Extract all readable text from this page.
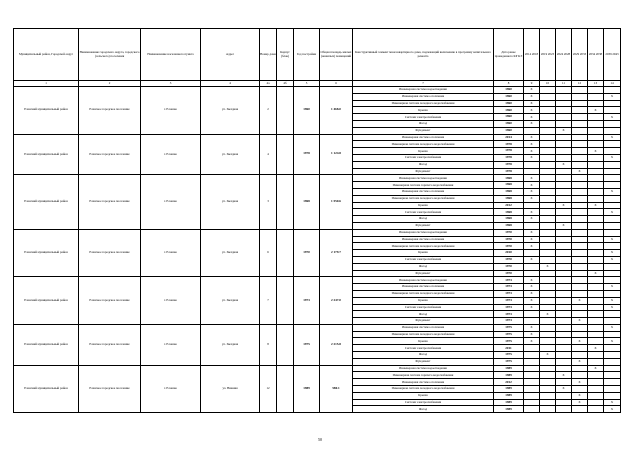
Муниципальный район, Городской округ	Наименование городского округа, городского (сельского) поселения	Наименование населенного пункта	Адрес	Номер дома	Корпус (блок)	Год постройки	Общая площадь жилых (нежилых) помещений	Конструктивный элемент многоквартирного дома, подлежащий включению в программу капитального ремонта	Дата ранее проведенного КР КЭ	2014 2018	2019 2023	2024 2028	2029 2033	2034 2038	2039 2043
1	2	3	4	4а	4б	5	6	7	8	9	10	11	12	13	14
Еланский муниципальный район	Еланское городское поселение	г. Елошно	ул. Звездная	2		1960	1 468.0	Инженерная система водоотведения	1960	X					
								Инженерная система отопления	1960	X					X
								Инженерная система холодного водоснабжения	1960	X					
								Крыша	1960	X				X	
								Система электроснабжения	1960	X					X
								Фасад	1960	X					
								Фундамент	1960			X			
Еланский муниципальный район	Еланское городское поселение	г. Елошно	ул. Звездная	4		1978	1 124.8	Инженерная система отопления	2014	X					X
								Инженерная система холодного водоснабжения	1978	X					
								Крыша	1978	X				X	
								Система электроснабжения	1978	X					X
								Фасад	1978			X			
								Фундамент	1978				X		
Еланский муниципальный район	Еланское городское поселение	г. Елошно	ул. Звездная	3		1968	1 550.6	Инженерная система водоотведения	1968	X					
								Инженерная система горячего водоснабжения	1968	X					
								Инженерная система отопления	1968	X					X
								Инженерная система холодного водоснабжения	1968	X					
								Крыша	2012			X		X	
								Система электроснабжения	1968	X					X
								Фасад	1968	X					
								Фундамент	1968			X			
Еланский муниципальный район	Еланское городское поселение	г. Елошно	ул. Звездная	6		1970	2 179.7	Инженерная система водоотведения	1970	X					
								Инженерная система отопления	1970	X					X
								Инженерная система холодного водоснабжения	1970	X					
								Крыша	2010						X
								Система электроснабжения	1970	X					X
								Фасад	1970		X				
								Фундамент	1970					X	
Еланский муниципальный район	Еланское городское поселение	г. Елошно	ул. Звездная	7		1973	2 247.0	Инженерная система водоотведения	1973	X					
								Инженерная система отопления	1973	X					X
								Инженерная система холодного водоснабжения	1973	X					
								Крыша	1973	X			X		X
								Система электроснабжения	1973	X					X
								Фасад	1973		X				
								Фундамент	1973				X		
Еланский муниципальный район	Еланское городское поселение	г. Елошно	ул. Звездная	8		1975	2 215.8	Инженерная система отопления	1975	X					X
								Инженерная система холодного водоснабжения	1975	X					
								Крыша	1975	X			X		X
								Система электроснабжения	2011					X	
								Фасад	1975		X				
								Фундамент	1975				X		
Еланский муниципальный район	Еланское городское поселение	г. Елошно	ул. Нижняя	12		1989	580.1	Инженерная система водоотведения	1989					X	
								Инженерная система горячего водоснабжения	1989			X			
								Инженерная система отопления	2012				X		
								Инженерная система холодного водоснабжения	1989			X			
								Крыша	1989				X		
								Система электроснабжения	1989				X		X
								Фасад	1989						X
50
